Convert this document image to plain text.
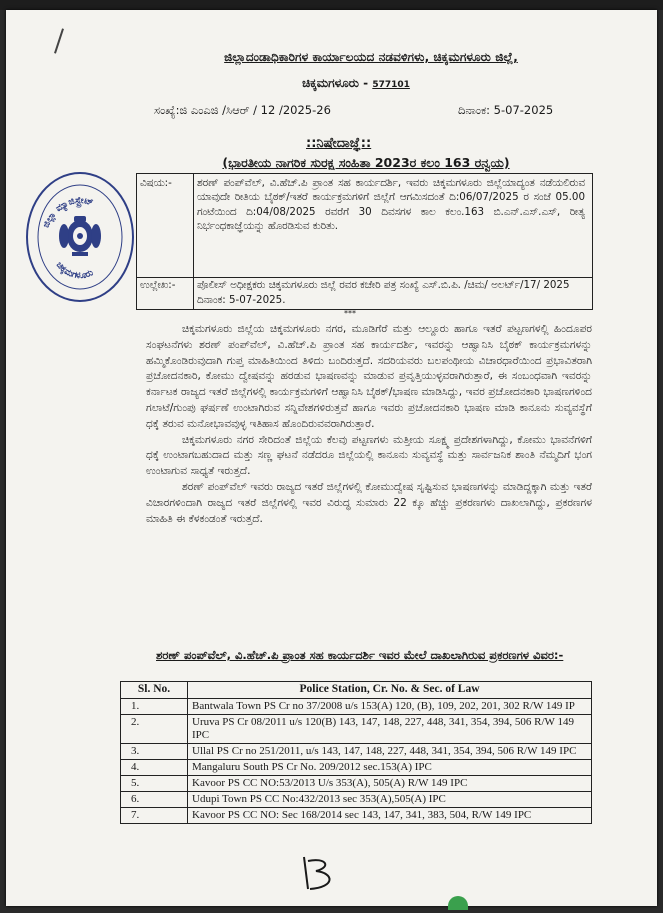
ಜಿಲ್ಲಾದಂಡಾಧಿಕಾರಿಗಳ ಕಾರ್ಯಾಲಯದ ನಡವಳಿಗಳು, ಚಿಕ್ಕಮಗಳೂರು ಜಿಲ್ಲೆ,
ಚಿಕ್ಕಮಗಳೂರು - 577101
ಸಂಖ್ಯೆ:ಜಿ ಎಂಎಜಿ /ಸಿಆರ್ / 12 /2025-26	ದಿನಾಂಕ: 5-07-2025
::ನಿಷೇದಾಜ್ಞೆ::
(ಭಾರತೀಯ ನಾಗರಿಕ ಸುರಕ್ಷ ಸಂಹಿತಾ 2023ರ ಕಲಂ 163 ರನ್ವಯ)
ಜಿಲ್ಲಾ ಮ್ಯಾಜಿಸ್ಟ್ರೇಟ್
ಚಿಕ್ಕಮಗಳೂರು
ವಿಷಯ:-	ಶರಣ್ ಪಂಪ್‌ವೆಲ್, ವಿ.ಹೆಚ್.ಪಿ ಪ್ರಾಂತ ಸಹ ಕಾರ್ಯದರ್ಶಿ, ಇವರು ಚಿಕ್ಕಮಗಳೂರು ಜಿಲ್ಲೆಯಾದ್ಯಂತ ನಡೆಯಲಿರುವ ಯಾವುದೇ ರೀತಿಯ ಬೈಠಕ್/ಇತರೆ ಕಾರ್ಯಕ್ರಮಗಳಿಗೆ ಜಿಲ್ಲೆಗೆ ಆಗಮಿಸದಂತೆ ದಿ:06/07/2025 ರ ಸಂಜೆ 05.00 ಗಂಟೆಯಿಂದ ದಿ:04/08/2025 ರವರೆಗೆ 30 ದಿವಸಗಳ ಕಾಲ ಕಲಂ.163 ಬಿ.ಎನ್.ಎಸ್.ಎಸ್, ರೀತ್ಯ ನಿರ್ಭಂಧಕಾಜ್ಞೆಯನ್ನು ಹೊರಡಿಸುವ ಕುರಿತು.
ಉಲ್ಲೇಖ:-	ಪೊಲೀಸ್ ಅಧೀಕ್ಷಕರು ಚಿಕ್ಕಮಗಳೂರು ಜಿಲ್ಲೆ ರವರ ಕಚೇರಿ ಪತ್ರ ಸಂಖ್ಯೆ ಎಸ್.ಬಿ.ಪಿ. /ಚಿಮ/ ಅಲರ್ಟ್/17/ 2025 ದಿನಾಂಕ: 5-07-2025.
***

ಚಿಕ್ಕಮಗಳೂರು ಜಿಲ್ಲೆಯ ಚಿಕ್ಕಮಗಳೂರು ನಗರ, ಮೂಡಿಗೆರೆ ಮತ್ತು ಆಲ್ದೂರು ಹಾಗೂ ಇತರೆ ಪಟ್ಟಣಗಳಲ್ಲಿ ಹಿಂದೂಪರ ಸಂಘಟನೆಗಳು ಶರಣ್ ಪಂಪ್‌ವೆಲ್, ವಿ.ಹೆಚ್.ಪಿ ಪ್ರಾಂತ ಸಹ ಕಾರ್ಯದರ್ಶಿ, ಇವರನ್ನು ಆಹ್ವಾನಿಸಿ ಬೈಠಕ್ ಕಾರ್ಯಕ್ರಮಗಳನ್ನು ಹಮ್ಮಿಕೊಂಡಿರುವುದಾಗಿ ಗುಪ್ತ ಮಾಹಿತಿಯಿಂದ ತಿಳಿದು ಬಂದಿರುತ್ತದೆ. ಸದರಿಯವರು ಬಲಪಂಥೀಯ ವಿಚಾರಧಾರೆಯಿಂದ ಪ್ರಭಾವಿತರಾಗಿ ಪ್ರಚೋದನಕಾರಿ, ಕೋಮು ದ್ವೇಷವನ್ನು ಹರಡುವ ಭಾಷಣವನ್ನು ಮಾಡುವ ಪ್ರವೃತ್ತಿಯುಳ್ಳವರಾಗಿರುತ್ತಾರೆ, ಈ ಸಂಬಂಧವಾಗಿ ಇವರನ್ನು ಕರ್ನಾಟಕ ರಾಜ್ಯದ ಇತರೆ ಜಿಲ್ಲೆಗಳಲ್ಲಿ ಕಾರ್ಯಕ್ರಮಗಳಿಗೆ ಆಹ್ವಾನಿಸಿ ಬೈಠಕ್/ಭಾಷಣ ಮಾಡಿಸಿದ್ದು, ಇವರ ಪ್ರಚೋದನಕಾರಿ ಭಾಷಣಗಳಿಂದ ಗಲಾಟೆ/ಗುಂಪು ಘರ್ಷಣೆ ಉಂಟಾಗಿರುವ ಸನ್ನಿವೇಶಗಳಿರುತ್ತವೆ ಹಾಗೂ ಇವರು ಪ್ರಚೋದನಕಾರಿ ಭಾಷಣ ಮಾಡಿ ಕಾನೂನು ಸುವ್ಯವಸ್ಥೆಗೆ ಧಕ್ಕೆ ತರುವ ಮನೋಭಾವವುಳ್ಳ ಇತಿಹಾಸ ಹೊಂದಿರುವವರಾಗಿರುತ್ತಾರೆ.

ಚಿಕ್ಕಮಗಳೂರು ನಗರ ಸೇರಿದಂತೆ ಜಿಲ್ಲೆಯ ಕೆಲವು ಪಟ್ಟಣಗಳು ಮತ್ತೀಯ ಸೂಕ್ಷ್ಮ ಪ್ರದೇಶಗಳಾಗಿದ್ದು, ಕೋಮು ಭಾವನೆಗಳಿಗೆ ಧಕ್ಕೆ ಉಂಟಾಗಬಹುದಾದ ಮತ್ತು ಸಣ್ಣ ಘಟನೆ ನಡೆದರೂ ಜಿಲ್ಲೆಯಲ್ಲಿ ಕಾನೂನು ಸುವ್ಯವಸ್ಥೆ ಮತ್ತು ಸಾರ್ವಜನಿಕ ಶಾಂತಿ ನೆಮ್ಮದಿಗೆ ಭಂಗ ಉಂಟಾಗುವ ಸಾಧ್ಯತೆ ಇರುತ್ತದೆ.

ಶರಣ್ ಪಂಪ್‌ವೆಲ್ ಇವರು ರಾಜ್ಯದ ಇತರೆ ಜಿಲ್ಲೆಗಳಲ್ಲಿ ಕೋಮುದ್ವೇಷ ಸೃಷ್ಟಿಸುವ ಭಾಷಣಗಳನ್ನು ಮಾಡಿದ್ದಕ್ಕಾಗಿ ಮತ್ತು ಇತರೆ ವಿಚಾರಗಳಿಂದಾಗಿ ರಾಜ್ಯದ ಇತರೆ ಜಿಲ್ಲೆಗಳಲ್ಲಿ ಇವರ ವಿರುದ್ಧ ಸುಮಾರು 22 ಕ್ಕೂ ಹೆಚ್ಚು ಪ್ರಕರಣಗಳು ದಾಖಲಾಗಿದ್ದು, ಪ್ರಕರಣಗಳ ಮಾಹಿತಿ ಈ ಕೆಳಕಂಡಂತೆ ಇರುತ್ತದೆ.

ಶರಣ್ ಪಂಪ್‌ವೆಲ್, ವಿ.ಹೆಚ್.ಪಿ ಪ್ರಾಂತ ಸಹ ಕಾರ್ಯದರ್ಶಿ ಇವರ ಮೇಲೆ ದಾಖಲಾಗಿರುವ ಪ್ರಕರಣಗಳ ವಿವರ:-
Sl. No.	Police Station, Cr. No. & Sec. of Law
1.	Bantwala Town PS Cr no 37/2008 u/s 153(A) 120, (B), 109, 202, 201, 302 R/W 149 IP
2.	Uruva PS Cr 08/2011 u/s 120(B) 143, 147, 148, 227, 448, 341, 354, 394, 506 R/W 149 IPC
3.	Ullal PS Cr no 251/2011, u/s 143, 147, 148, 227, 448, 341, 354, 394, 506 R/W 149 IPC
4.	Mangaluru South PS Cr No. 209/2012 sec.153(A) IPC
5.	Kavoor PS CC NO:53/2013 U/s 353(A), 505(A) R/W 149 IPC
6.	Udupi Town PS CC No:432/2013 sec 353(A),505(A) IPC
7.	Kavoor PS CC NO: Sec 168/2014 sec 143, 147, 341, 383, 504, R/W 149 IPC
